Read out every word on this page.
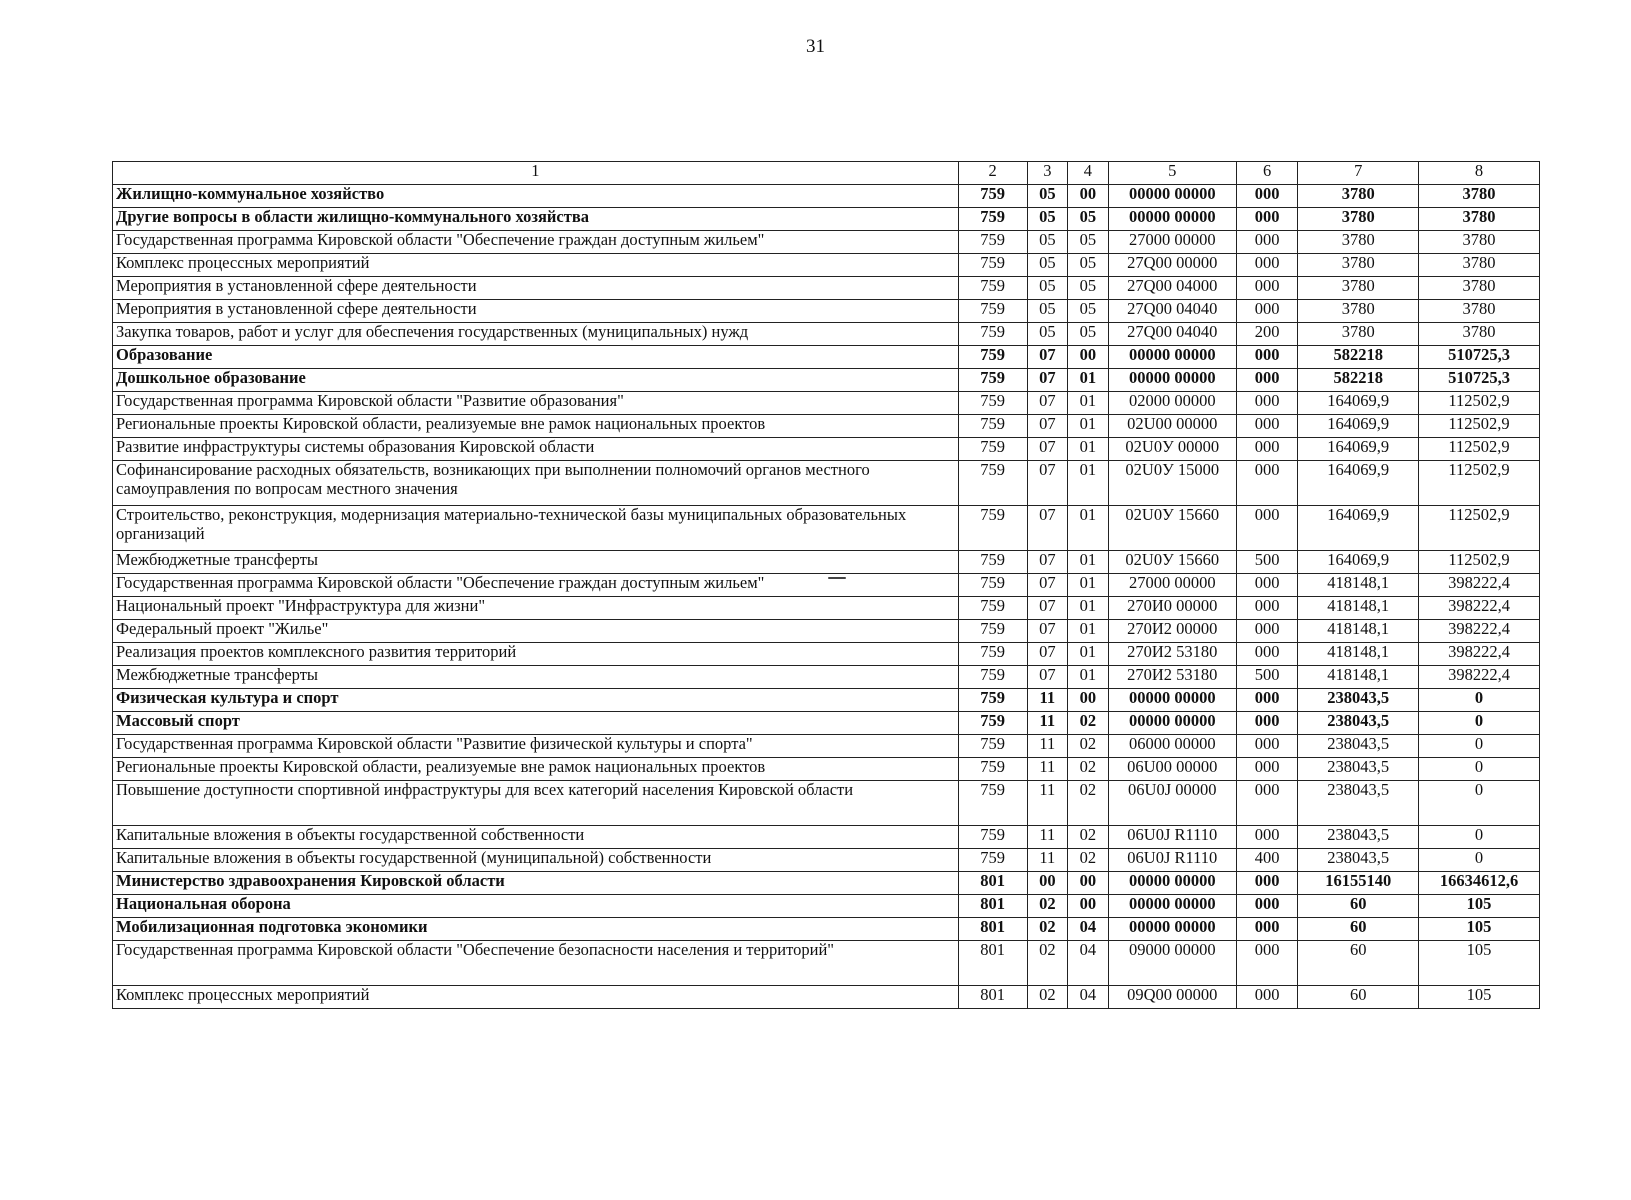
31
1	2	3	4	5	6	7	8
Жилищно-коммунальное хозяйство	759	05	00	00000 00000	000	3780	3780
Другие вопросы в области жилищно-коммунального хозяйства	759	05	05	00000 00000	000	3780	3780
Государственная программа Кировской области "Обеспечение граждан доступным жильем"	759	05	05	27000 00000	000	3780	3780
Комплекс процессных мероприятий	759	05	05	27Q00 00000	000	3780	3780
Мероприятия в установленной сфере деятельности	759	05	05	27Q00 04000	000	3780	3780
Мероприятия в установленной сфере деятельности	759	05	05	27Q00 04040	000	3780	3780
Закупка товаров, работ и услуг для обеспечения государственных (муниципальных) нужд	759	05	05	27Q00 04040	200	3780	3780
Образование	759	07	00	00000 00000	000	582218	510725,3
Дошкольное образование	759	07	01	00000 00000	000	582218	510725,3
Государственная программа Кировской области "Развитие образования"	759	07	01	02000 00000	000	164069,9	112502,9
Региональные проекты Кировской области, реализуемые вне рамок национальных проектов	759	07	01	02U00 00000	000	164069,9	112502,9
Развитие инфраструктуры системы образования Кировской области	759	07	01	02U0У 00000	000	164069,9	112502,9
Софинансирование расходных обязательств, возникающих при выполнении полномочий органов местного самоуправления по вопросам местного значения	759	07	01	02U0У 15000	000	164069,9	112502,9
Строительство, реконструкция, модернизация материально-технической базы муниципальных образовательных организаций	759	07	01	02U0У 15660	000	164069,9	112502,9
Межбюджетные трансферты	759	07	01	02U0У 15660	500	164069,9	112502,9
Государственная программа Кировской области "Обеспечение граждан доступным жильем"	759	07	01	27000 00000	000	418148,1	398222,4
Национальный проект "Инфраструктура для жизни"	759	07	01	270И0 00000	000	418148,1	398222,4
Федеральный проект "Жилье"	759	07	01	270И2 00000	000	418148,1	398222,4
Реализация проектов комплексного развития территорий	759	07	01	270И2 53180	000	418148,1	398222,4
Межбюджетные трансферты	759	07	01	270И2 53180	500	418148,1	398222,4
Физическая культура и спорт	759	11	00	00000 00000	000	238043,5	0
Массовый спорт	759	11	02	00000 00000	000	238043,5	0
Государственная программа Кировской области "Развитие физической культуры и спорта"	759	11	02	06000 00000	000	238043,5	0
Региональные проекты Кировской области, реализуемые вне рамок национальных проектов	759	11	02	06U00 00000	000	238043,5	0
Повышение доступности спортивной инфраструктуры для всех категорий населения Кировской области	759	11	02	06U0J 00000	000	238043,5	0
Капитальные вложения в объекты государственной собственности	759	11	02	06U0J R1110	000	238043,5	0
Капитальные вложения в объекты государственной (муниципальной) собственности	759	11	02	06U0J R1110	400	238043,5	0
Министерство здравоохранения Кировской области	801	00	00	00000 00000	000	16155140	16634612,6
Национальная оборона	801	02	00	00000 00000	000	60	105
Мобилизационная подготовка экономики	801	02	04	00000 00000	000	60	105
Государственная программа Кировской области "Обеспечение безопасности населения и территорий"	801	02	04	09000 00000	000	60	105
Комплекс процессных мероприятий	801	02	04	09Q00 00000	000	60	105
